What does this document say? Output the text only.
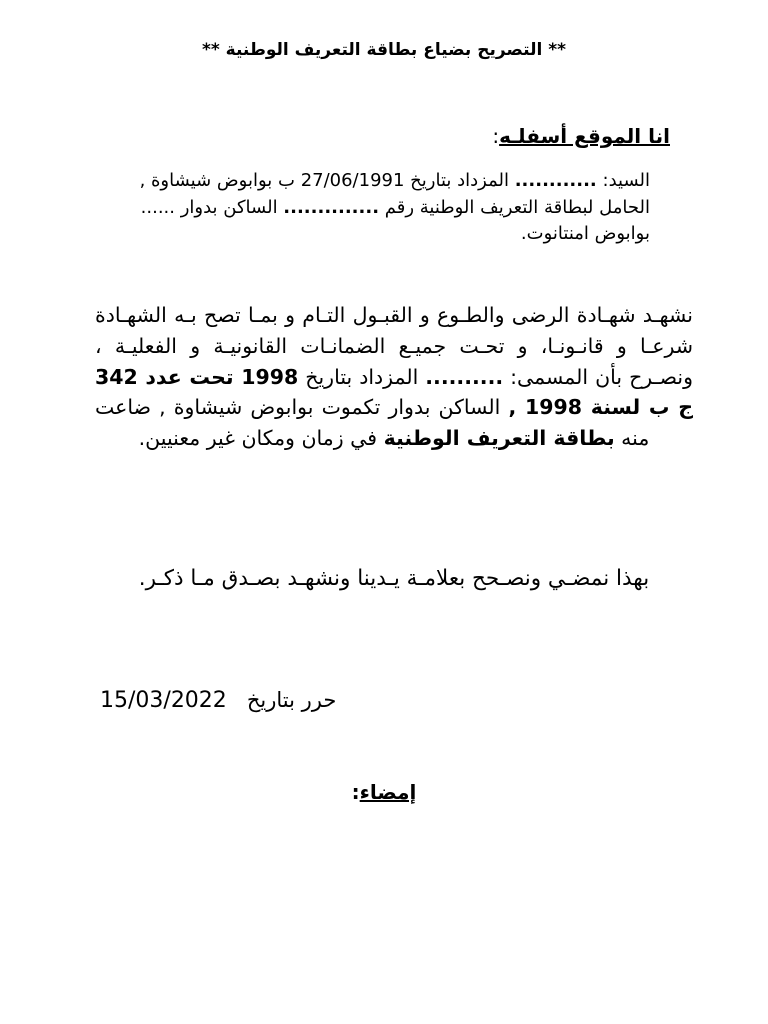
** التصريح بضياع بطاقة التعريف الوطنية **
انا الموقع أسفلـه:
السيد: ............ المزداد بتاريخ 27/06/1991 ب بوابوض شيشاوة , الحامل لبطاقة التعريف الوطنية رقم .............. الساكن بدوار ...... بوابوض امنتانوت.
نشهـد شهـادة الرضى والطـوع و القبـول التـام و بمـا تصح بـه الشهـادة شرعـا و قانـونـا، و تحـت جميـع الضمانـات القانونيـة و الفعليـة ، ونصـرح بأن المسمى: .......... المزداد بتاريخ 1998 تحت عدد 342 ج ب لسنة 1998 , الساكن بدوار تكموت بوابوض شيشاوة , ضاعت منه بطاقة التعريف الوطنية في زمان ومكان غير معنيين.
بهذا نمضـي ونصـحح بعلامـة يـدينا ونشهـد بصـدق مـا ذكـر.
حرر بتاريخ   15/03/2022
إمضاء:
